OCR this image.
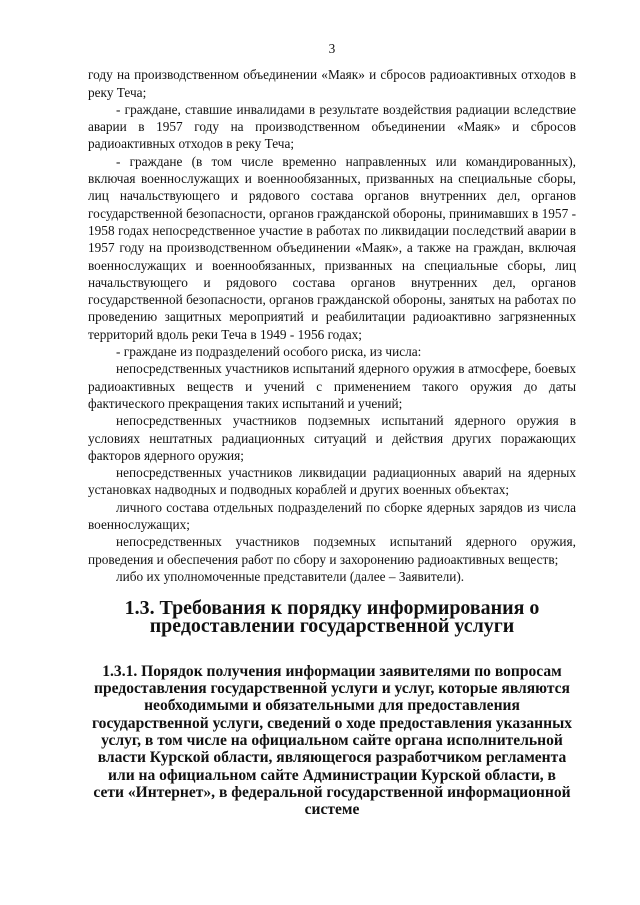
3

году на производственном объединении «Маяк» и сбросов радиоактивных отходов в реку Теча;

- граждане, ставшие инвалидами в результате воздействия радиации вследствие аварии в 1957 году на производственном объединении «Маяк» и сбросов радиоактивных отходов в реку Теча;

- граждане (в том числе временно направленных или командированных), включая военнослужащих и военнообязанных, призванных на специальные сборы, лиц начальствующего и рядового состава органов внутренних дел, органов государственной безопасности, органов гражданской обороны, принимавших в 1957 - 1958 годах непосредственное участие в работах по ликвидации последствий аварии в 1957 году на производственном объединении «Маяк», а также на граждан, включая военнослужащих и военнообязанных, призванных на специальные сборы, лиц начальствующего и рядового состава органов внутренних дел, органов государственной безопасности, органов гражданской обороны, занятых на работах по проведению защитных мероприятий и реабилитации радиоактивно загрязненных территорий вдоль реки Теча в 1949 - 1956 годах;

- граждане из подразделений особого риска, из числа:

непосредственных участников испытаний ядерного оружия в атмосфере, боевых радиоактивных веществ и учений с применением такого оружия до даты фактического прекращения таких испытаний и учений;

непосредственных участников подземных испытаний ядерного оружия в условиях нештатных радиационных ситуаций и действия других поражающих факторов ядерного оружия;

непосредственных участников ликвидации радиационных аварий на ядерных установках надводных и подводных кораблей и других военных объектах;

личного состава отдельных подразделений по сборке ядерных зарядов из числа военнослужащих;

непосредственных участников подземных испытаний ядерного оружия, проведения и обеспечения работ по сбору и захоронению радиоактивных веществ;

либо их уполномоченные представители (далее – Заявители).

1.3. Требования к порядку информирования о предоставлении государственной услуги
1.3.1. Порядок получения информации заявителями по вопросам предоставления государственной услуги и услуг, которые являются необходимыми и обязательными для предоставления государственной услуги, сведений о ходе предоставления указанных услуг, в том числе на официальном сайте органа исполнительной власти Курской области, являющегося разработчиком регламента или на официальном сайте Администрации Курской области, в сети «Интернет», в федеральной государственной информационной системе
